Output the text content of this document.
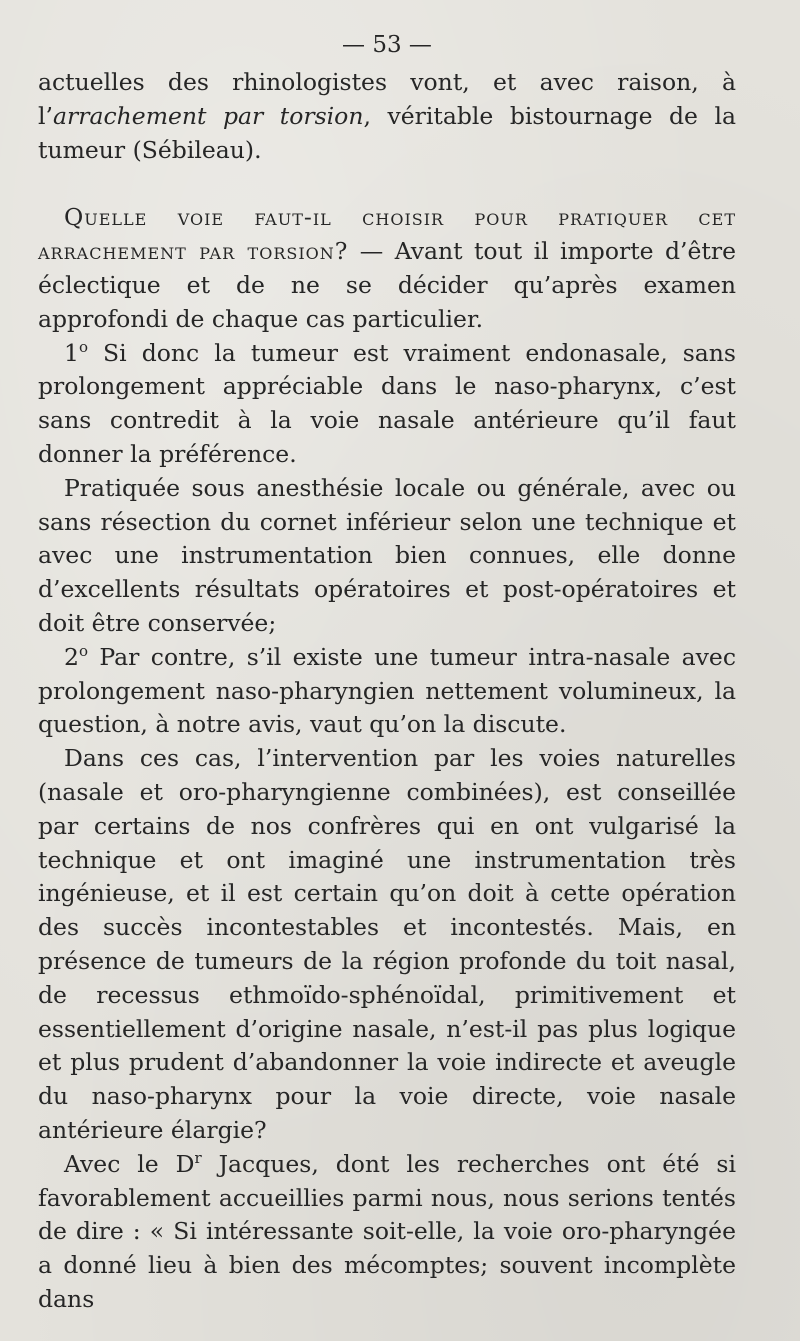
— 53 —

actuelles des rhinologistes vont, et avec raison, à l’arrachement par torsion, véritable bistournage de la tumeur (Sébileau).

Quelle voie faut-il choisir pour pratiquer cet arrachement par torsion? — Avant tout il importe d’être éclectique et de ne se décider qu’après examen approfondi de chaque cas particulier.

1$^o$ Si donc la tumeur est vraiment endonasale, sans prolongement appréciable dans le naso-pharynx, c’est sans contredit à la voie nasale antérieure qu’il faut donner la préférence.

Pratiquée sous anesthésie locale ou générale, avec ou sans résection du cornet inférieur selon une technique et avec une instrumentation bien connues, elle donne d’excellents résultats opératoires et post-opératoires et doit être conservée;

2$^o$ Par contre, s’il existe une tumeur intra-nasale avec prolongement naso-pharyngien nettement volumineux, la question, à notre avis, vaut qu’on la discute.

Dans ces cas, l’intervention par les voies naturelles (nasale et oro-pharyngienne combinées), est conseillée par certains de nos confrères qui en ont vulgarisé la technique et ont imaginé une instrumentation très ingénieuse, et il est certain qu’on doit à cette opération des succès incontestables et incontestés. Mais, en présence de tumeurs de la région profonde du toit nasal, de recessus ethmoïdo-sphénoïdal, primitivement et essentiellement d’origine nasale, n’est-il pas plus logique et plus prudent d’abandonner la voie indirecte et aveugle du naso-pharynx pour la voie directe, voie nasale antérieure élargie?

Avec le $D^r$ Jacques, dont les recherches ont été si favorablement accueillies parmi nous, nous serions tentés de dire : « Si intéressante soit-elle, la voie oro-pharyngée a donné lieu à bien des mécomptes; souvent incomplète dans
